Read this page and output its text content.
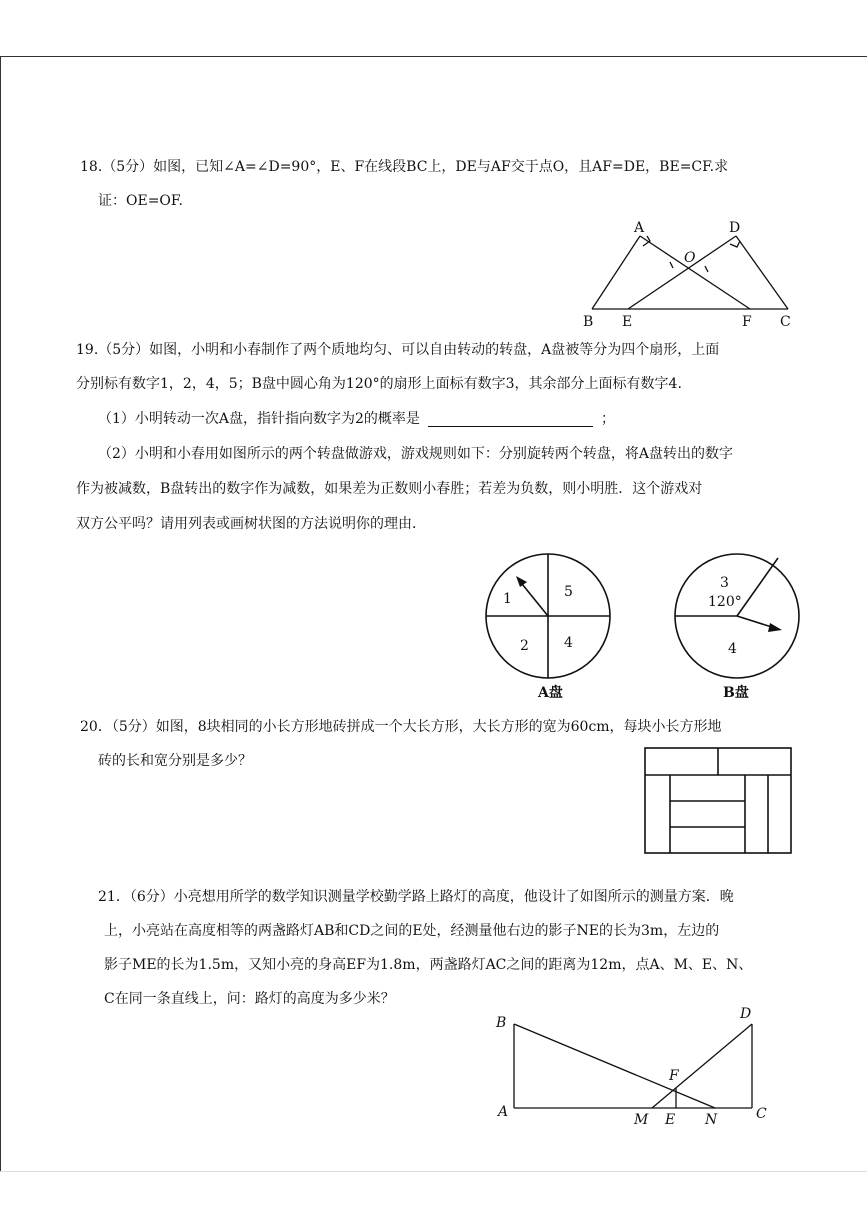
18.（5分）如图，已知∠A=∠D=90°，E、F在线段BC上，DE与AF交于点O，且AF=DE，BE=CF.求
证：OE=OF.
A	D
O
B E	F C
19.（5分）如图，小明和小春制作了两个质地均匀、可以自由转动的转盘，A盘被等分为四个扇形，上面
分别标有数字1，2，4，5；B盘中圆心角为120°的扇形上面标有数字3，其余部分上面标有数字4.
（1）小明转动一次A盘，指针指向数字为2的概率是	；
（2）小明和小春用如图所示的两个转盘做游戏，游戏规则如下：分别旋转两个转盘，将A盘转出的数字
作为被减数，B盘转出的数字作为减数，如果差为正数则小春胜；若差为负数，则小明胜．这个游戏对
双方公平吗？请用列表或画树状图的方法说明你的理由．
1	5
2	4
A盘
3
120°
4
B盘
20．（5分）如图，8块相同的小长方形地砖拼成一个大长方形，大长方形的宽为60cm，每块小长方形地
砖的长和宽分别是多少？
21．（6分）小亮想用所学的数学知识测量学校勤学路上路灯的高度，他设计了如图所示的测量方案．晚
上，小亮站在高度相等的两盏路灯AB和CD之间的E处，经测量他右边的影子NE的长为3m，左边的
影子ME的长为1.5m，又知小亮的身高EF为1.8m，两盏路灯AC之间的距离为12m，点A、M、E、N、
C在同一条直线上，问：路灯的高度为多少米？
B
D
F
A	M E N	C
